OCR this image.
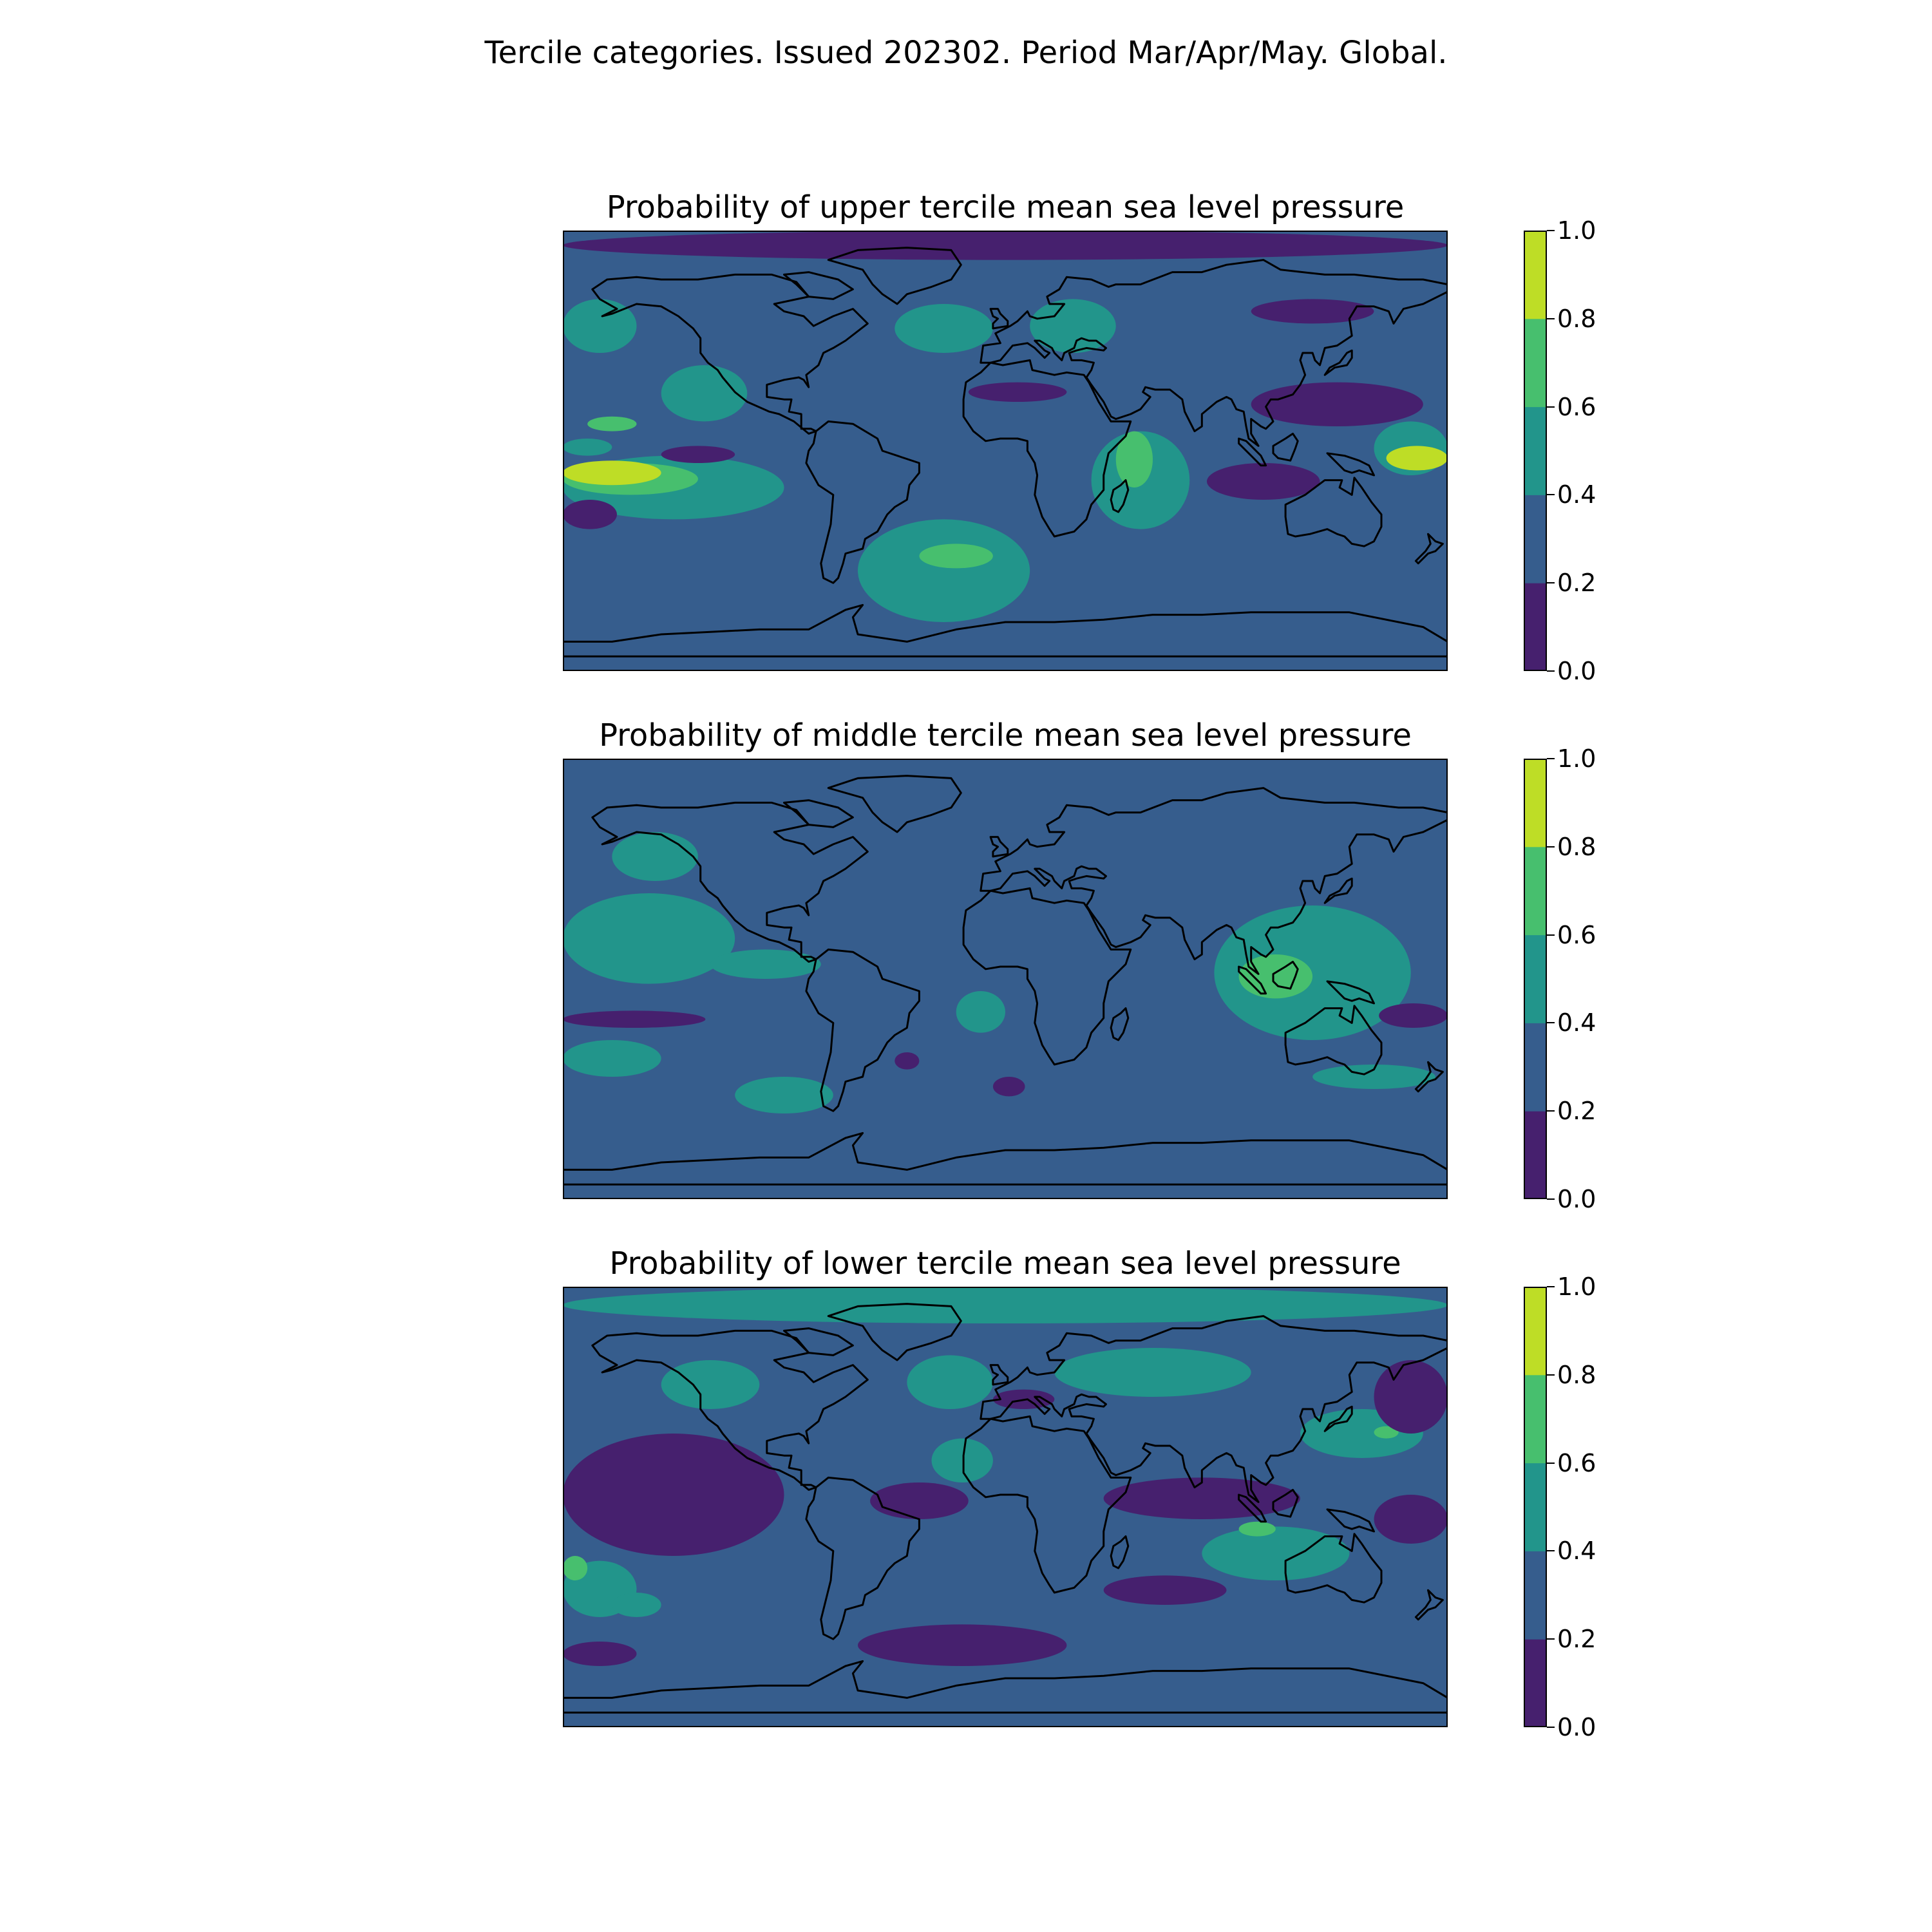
Tercile categories. Issued 202302. Period Mar/Apr/May. Global.
Probability of upper tercile mean sea level pressure
0.0
0.2
0.4
0.6
0.8
1.0
Probability of middle tercile mean sea level pressure
0.0
0.2
0.4
0.6
0.8
1.0
Probability of lower tercile mean sea level pressure
0.0
0.2
0.4
0.6
0.8
1.0
